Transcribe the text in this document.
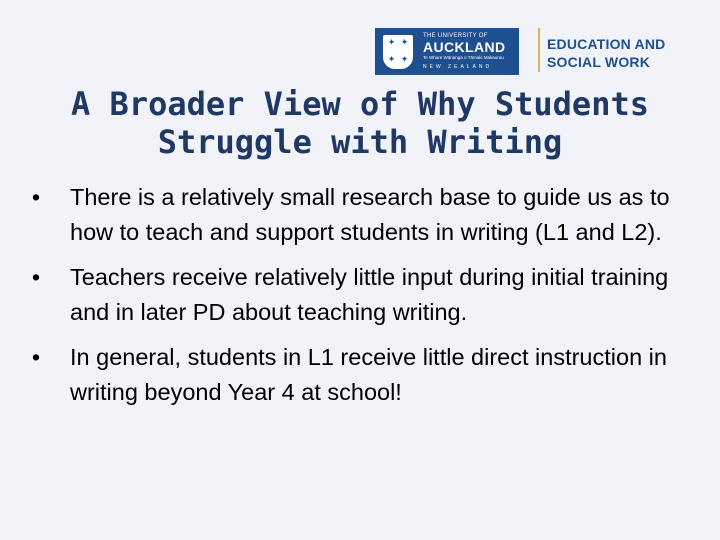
✦ ✦
✦ ✦
THE UNIVERSITY OF
AUCKLAND
Te Whare Wānanga o Tāmaki Makaurau
NEW ZEALAND
EDUCATION AND
SOCIAL WORK
A Broader View of Why Students
Struggle with Writing
• There is a relatively small research base to guide us as to how to teach and support students in writing (L1 and L2).
• Teachers receive relatively little input during initial training and in later PD about teaching writing.
• In general, students in L1 receive little direct instruction in writing beyond Year 4 at school!
